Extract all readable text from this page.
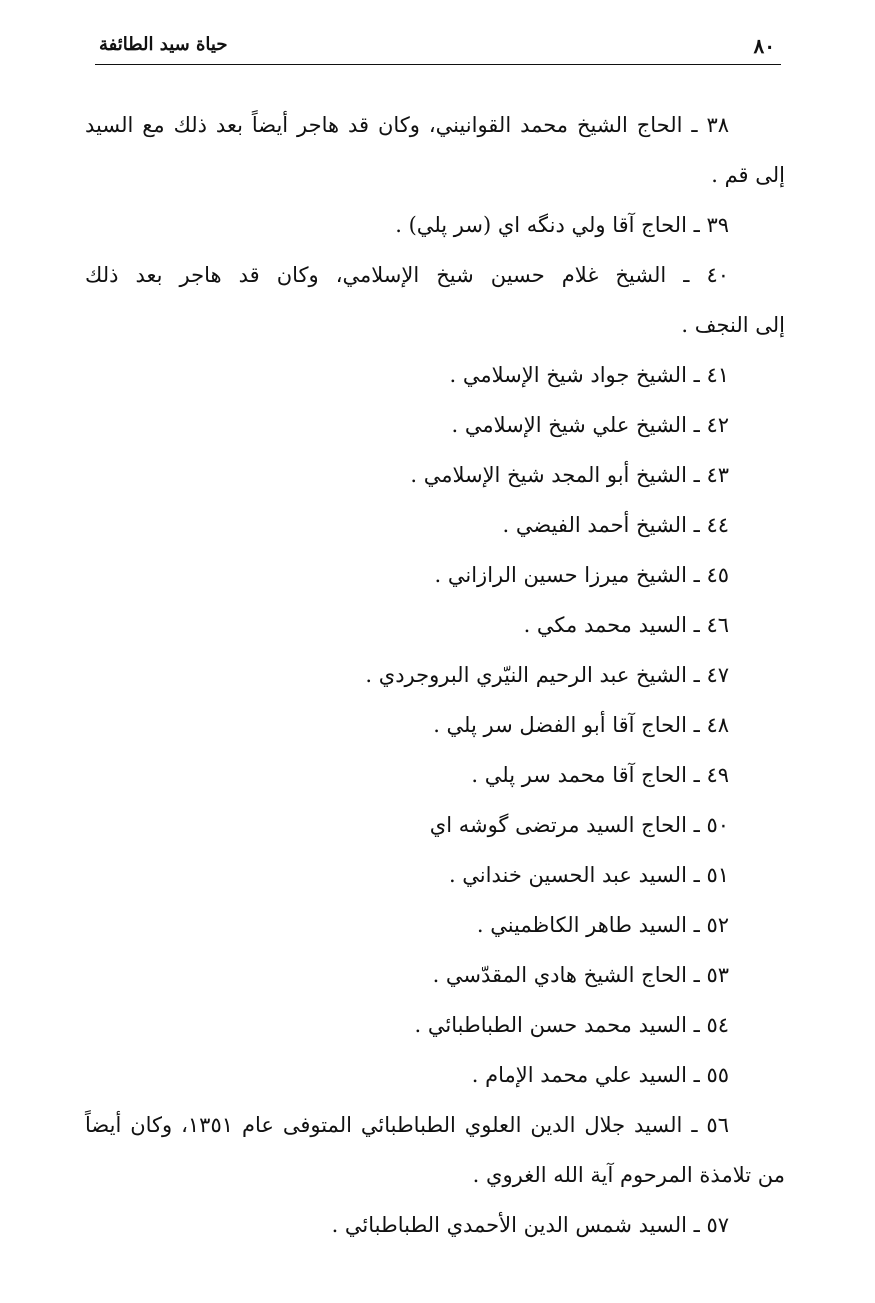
٨٠
حياة سيد الطائفة

٣٨ ـ الحاج الشيخ محمد القوانيني، وكان قد هاجر أيضاً بعد ذلك مع السيد

إلى قم .

٣٩ ـ الحاج آقا ولي دنگه اي (سر پلي) .

٤٠ ـ الشيخ غلام حسين شيخ الإسلامي، وكان قد هاجر بعد ذلك

إلى النجف .

٤١ ـ الشيخ جواد شيخ الإسلامي .

٤٢ ـ الشيخ علي شيخ الإسلامي .

٤٣ ـ الشيخ أبو المجد شيخ الإسلامي .

٤٤ ـ الشيخ أحمد الفيضي .

٤٥ ـ الشيخ ميرزا حسين الرازاني .

٤٦ ـ السيد محمد مكي .

٤٧ ـ الشيخ عبد الرحيم النيّري البروجردي .

٤٨ ـ الحاج آقا أبو الفضل سر پلي .

٤٩ ـ الحاج آقا محمد سر پلي .

٥٠ ـ الحاج السيد مرتضى گوشه اي

٥١ ـ السيد عبد الحسين خنداني .

٥٢ ـ السيد طاهر الكاظميني .

٥٣ ـ الحاج الشيخ هادي المقدّسي .

٥٤ ـ السيد محمد حسن الطباطبائي .

٥٥ ـ السيد علي محمد الإمام .

٥٦ ـ السيد جلال الدين العلوي الطباطبائي المتوفى عام ١٣٥١، وكان أيضاً

من تلامذة المرحوم آية الله الغروي .

٥٧ ـ السيد شمس الدين الأحمدي الطباطبائي .
